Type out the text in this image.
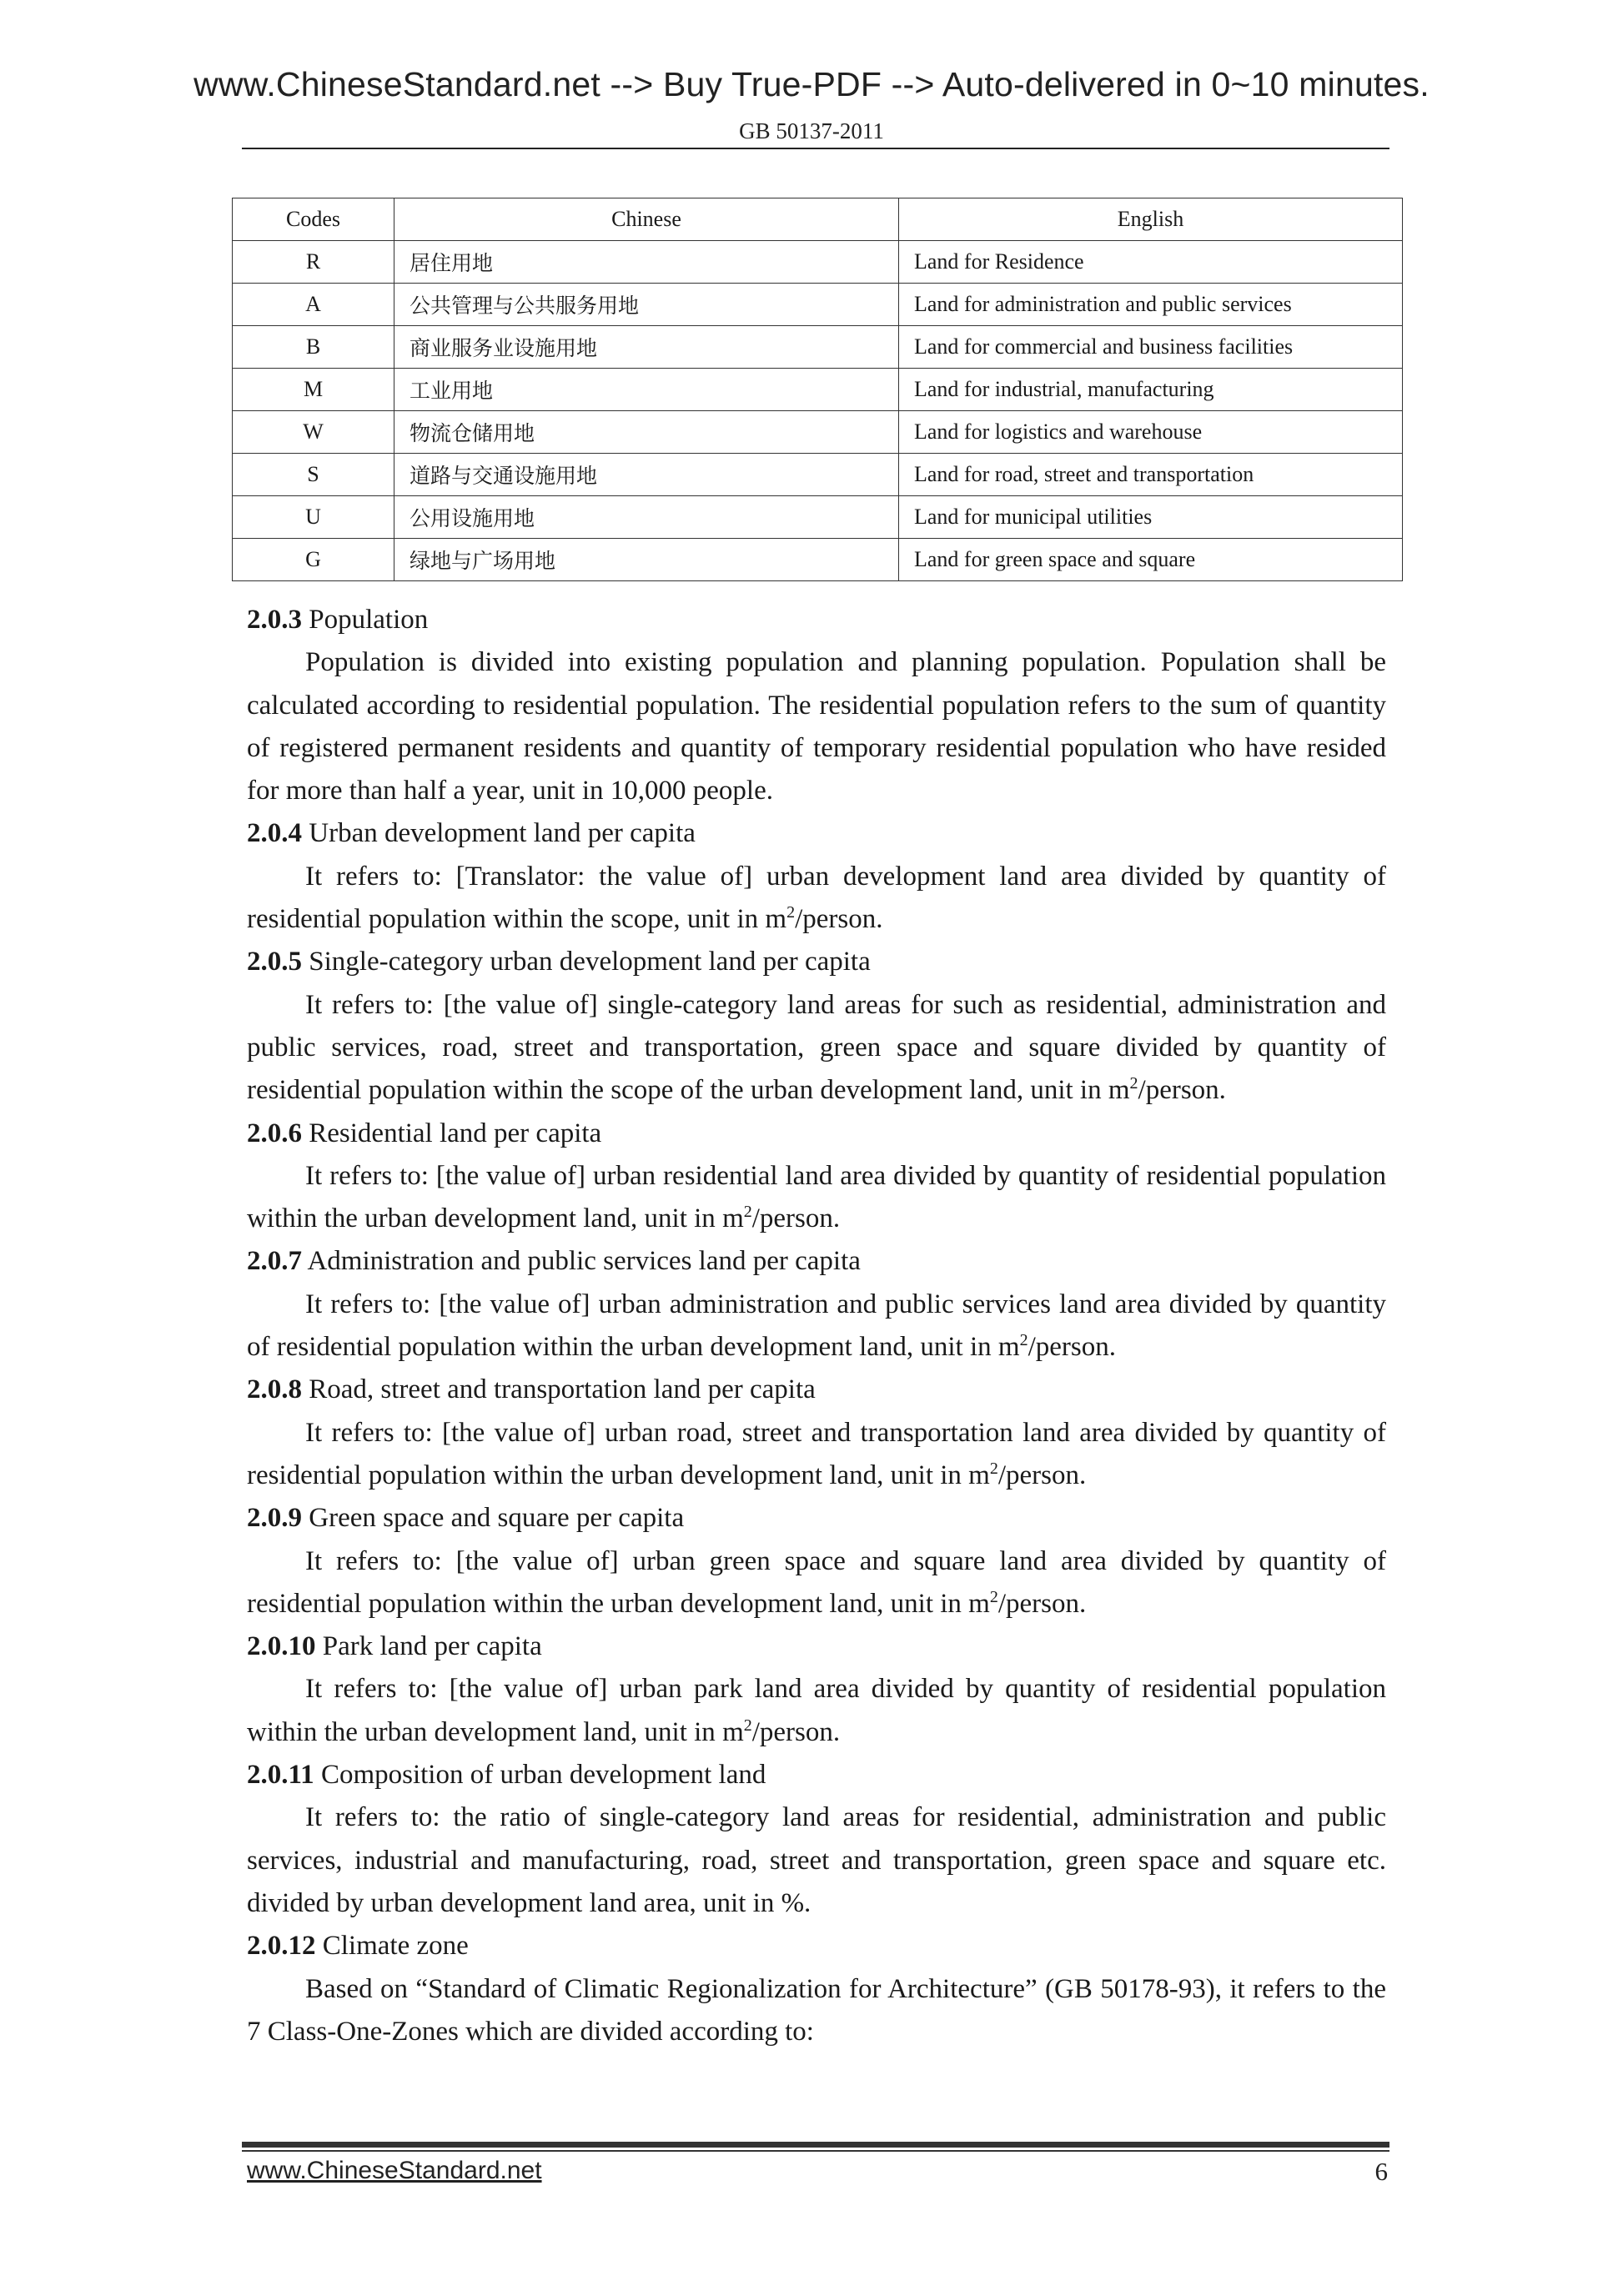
www.ChineseStandard.net --> Buy True-PDF --> Auto-delivered in 0~10 minutes.
GB 50137-2011
Codes	Chinese	English
R	居住用地	Land for Residence
A	公共管理与公共服务用地	Land for administration and public services
B	商业服务业设施用地	Land for commercial and business facilities
M	工业用地	Land for industrial, manufacturing
W	物流仓储用地	Land for logistics and warehouse
S	道路与交通设施用地	Land for road, street and transportation
U	公用设施用地	Land for municipal utilities
G	绿地与广场用地	Land for green space and square

2.0.3 Population

Population is divided into existing population and planning population. Population shall be calculated according to residential population. The residential population refers to the sum of quantity of registered permanent residents and quantity of temporary residential population who have resided for more than half a year, unit in 10,000 people.

2.0.4 Urban development land per capita

It refers to: [Translator: the value of] urban development land area divided by quantity of residential population within the scope, unit in $m^2$/person.

2.0.5 Single-category urban development land per capita

It refers to: [the value of] single-category land areas for such as residential, administration and public services, road, street and transportation, green space and square divided by quantity of residential population within the scope of the urban development land, unit in $m^2$/person.

2.0.6 Residential land per capita

It refers to: [the value of] urban residential land area divided by quantity of residential population within the urban development land, unit in $m^2$/person.

2.0.7 Administration and public services land per capita

It refers to: [the value of] urban administration and public services land area divided by quantity of residential population within the urban development land, unit in $m^2$/person.

2.0.8 Road, street and transportation land per capita

It refers to: [the value of] urban road, street and transportation land area divided by quantity of residential population within the urban development land, unit in $m^2$/person.

2.0.9 Green space and square per capita

It refers to: [the value of] urban green space and square land area divided by quantity of residential population within the urban development land, unit in $m^2$/person.

2.0.10 Park land per capita

It refers to: [the value of] urban park land area divided by quantity of residential population within the urban development land, unit in $m^2$/person.

2.0.11 Composition of urban development land

It refers to: the ratio of single-category land areas for residential, administration and public services, industrial and manufacturing, road, street and transportation, green space and square etc. divided by urban development land area, unit in %.

2.0.12 Climate zone

Based on “Standard of Climatic Regionalization for Architecture” (GB 50178-93), it refers to the 7 Class-One-Zones which are divided according to:

www.ChineseStandard.net	6
